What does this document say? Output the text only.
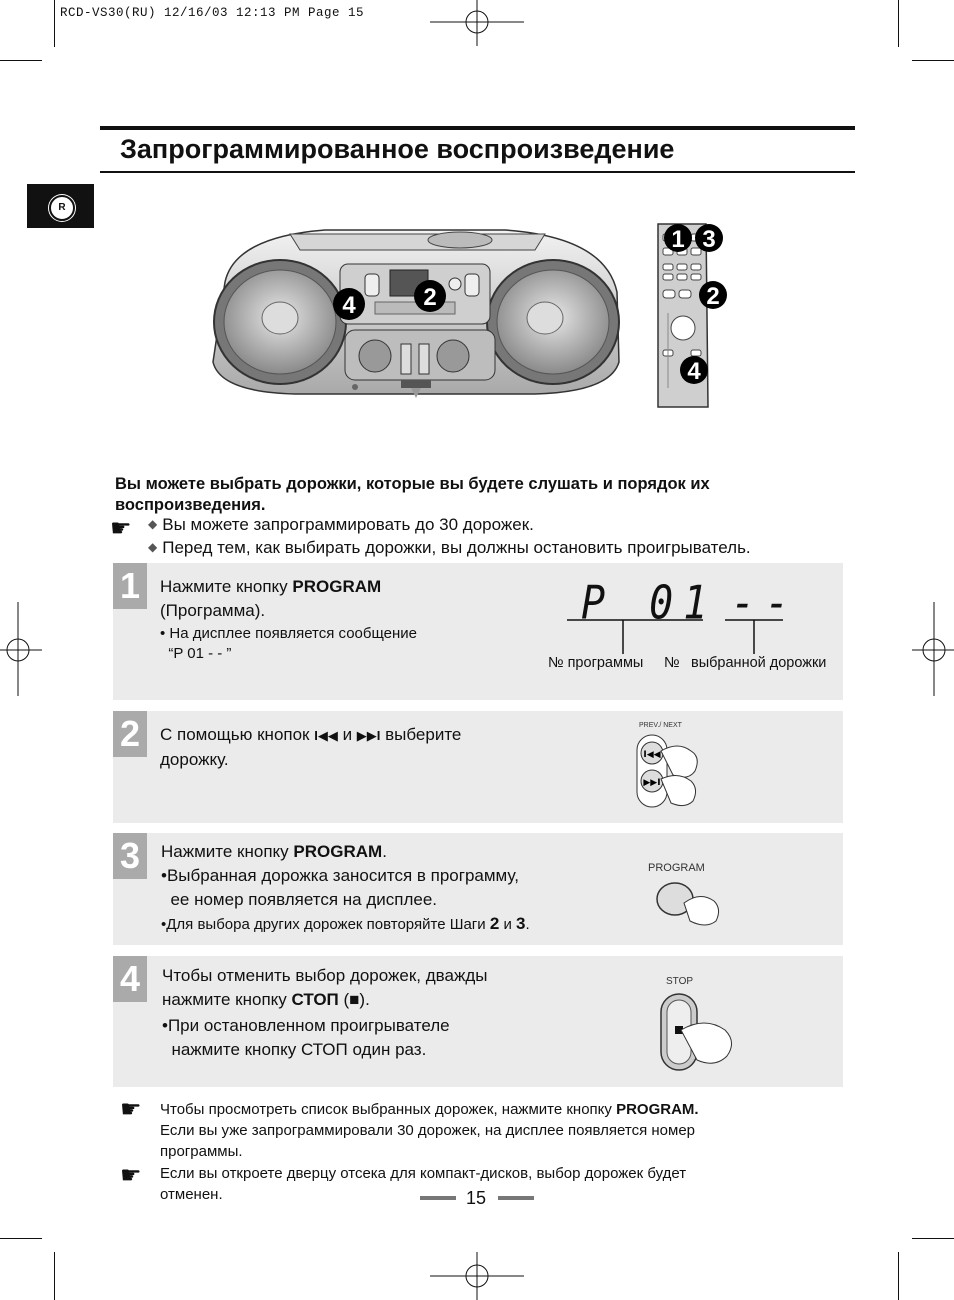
RCD-VS30(RU) 12/16/03 12:13 PM Page 15
Запрограммированное воспроизведение
R
4	2
1 3
2
4
Вы можете выбрать дорожки, которые вы будете слушать и порядок их воспроизведения.
☛ ◆ Вы можете запрограммировать до 30 дорожек.
◆ Перед тем, как выбирать дорожки, вы должны остановить проигрыватель.
1	Нажмите кнопку PROGRAM
(Программа).
• На дисплее появляется сообщение
“P 01 - - ”
P 01 --
№ программы № выбранной дорожки
2	С помощью кнопок I◀◀ и ▶▶I выберите
дорожку.
PREV./ NEXT
I◀◀
▶▶I
3	Нажмите кнопку PROGRAM.
•Выбранная дорожка заносится в программу,
ее номер появляется на дисплее.
•Для выбора других дорожек повторяйте Шаги 2 и 3.
PROGRAM
4	Чтобы отменить выбор дорожек, дважды
нажмите кнопку СТОП (■).
•При остановленном проигрывателе
нажмите кнопку СТОП один раз.
STOP
☛ Чтобы просмотреть список выбранных дорожек, нажмите кнопку PROGRAM.
Если вы уже запрограммировали 30 дорожек, на дисплее появляется номер
программы.
☛ Если вы откроете дверцу отсека для компакт-дисков, выбор дорожек будет
отменен.	15
